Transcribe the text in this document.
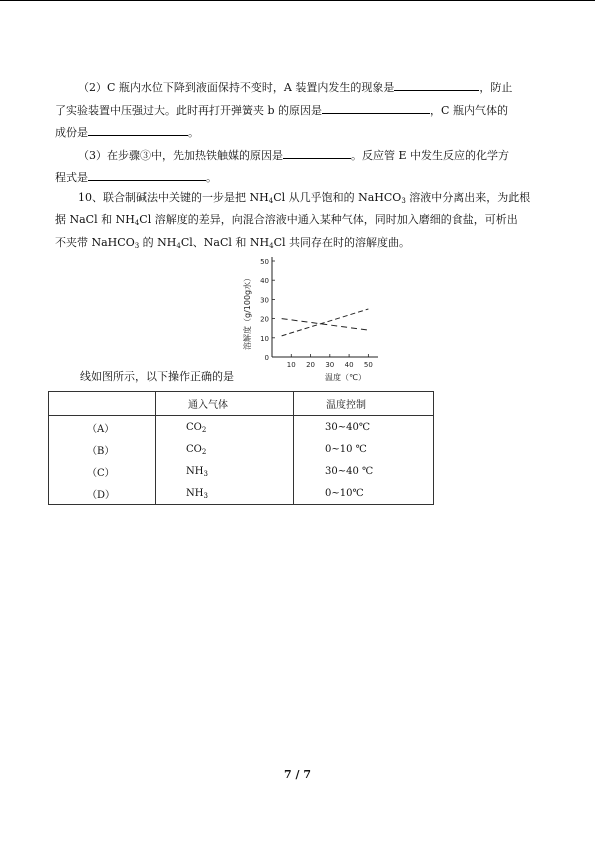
（2）C 瓶内水位下降到液面保持不变时，A 装置内发生的现象是	，防止
了实验装置中压强过大。此时再打开弹簧夹 b 的原因是	，C 瓶内气体的
成份是	。
（3）在步骤③中，先加热铁触媒的原因是	。反应管 E 中发生反应的化学方
程式是	。
10、联合制碱法中关键的一步是把 $NH_4Cl$ 从几乎饱和的 NaHCO$_3$ 溶液中分离出来，为此根
据 NaCl 和 $NH_4Cl$ 溶解度的差异，向混合溶液中通入某种气体，同时加入磨细的食盐，可析出
不夹带 NaHCO$_3$ 的 $NH_4Cl$、NaCl 和 $NH_4Cl$ 共同存在时的溶解度曲。
0
10
20
30
40
50
10 20 30 40 50
溶解度（g/100g水）
温度（℃）
线如图所示，以下操作正确的是
	通入气体	温度控制
（A）	$CO_2$	30~40℃
（B）	$CO_2$	0~10 ℃
（C）	$NH_3$	30~40 ℃
（D）	$NH_3$	0~10℃
7 / 7
